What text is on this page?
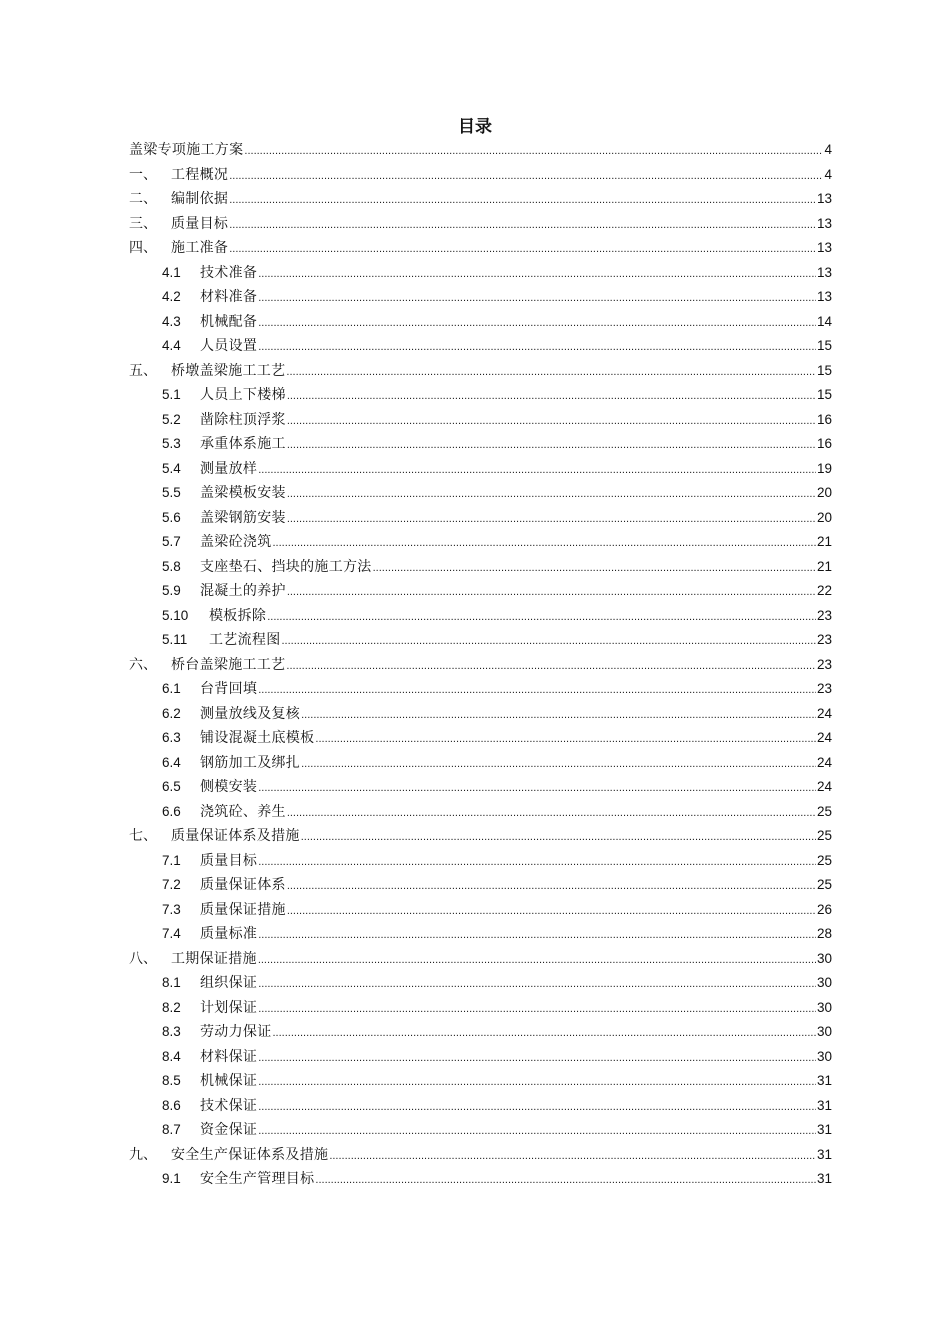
目录
盖梁专项施工方案 .....	4
一、	工程概况 .....	4
二、	编制依据 .....	13
三、	质量目标 .....	13
四、	施工准备 .....	13
4.1	技术准备 .....	13
4.2	材料准备 .....	13
4.3	机械配备 .....	14
4.4	人员设置 .....	15
五、	桥墩盖梁施工工艺 .....	15
5.1	人员上下楼梯 .....	15
5.2	凿除柱顶浮浆 .....	16
5.3	承重体系施工 .....	16
5.4	测量放样 .....	19
5.5	盖梁模板安装 .....	20
5.6	盖梁钢筋安装 .....	20
5.7	盖梁砼浇筑 .....	21
5.8	支座垫石、挡块的施工方法 .....	21
5.9	混凝土的养护 .....	22
5.10	模板拆除 .....	23
5.11	工艺流程图 .....	23
六、	桥台盖梁施工工艺 .....	23
6.1	台背回填 .....	23
6.2	测量放线及复核 .....	24
6.3	铺设混凝土底模板 .....	24
6.4	钢筋加工及绑扎 .....	24
6.5	侧模安装 .....	24
6.6	浇筑砼、养生 .....	25
七、	质量保证体系及措施 .....	25
7.1	质量目标 .....	25
7.2	质量保证体系 .....	25
7.3	质量保证措施 .....	26
7.4	质量标准 .....	28
八、	工期保证措施 .....	30
8.1	组织保证 .....	30
8.2	计划保证 .....	30
8.3	劳动力保证 .....	30
8.4	材料保证 .....	30
8.5	机械保证 .....	31
8.6	技术保证 .....	31
8.7	资金保证 .....	31
九、	安全生产保证体系及措施 .....	31
9.1	安全生产管理目标 .....	31
